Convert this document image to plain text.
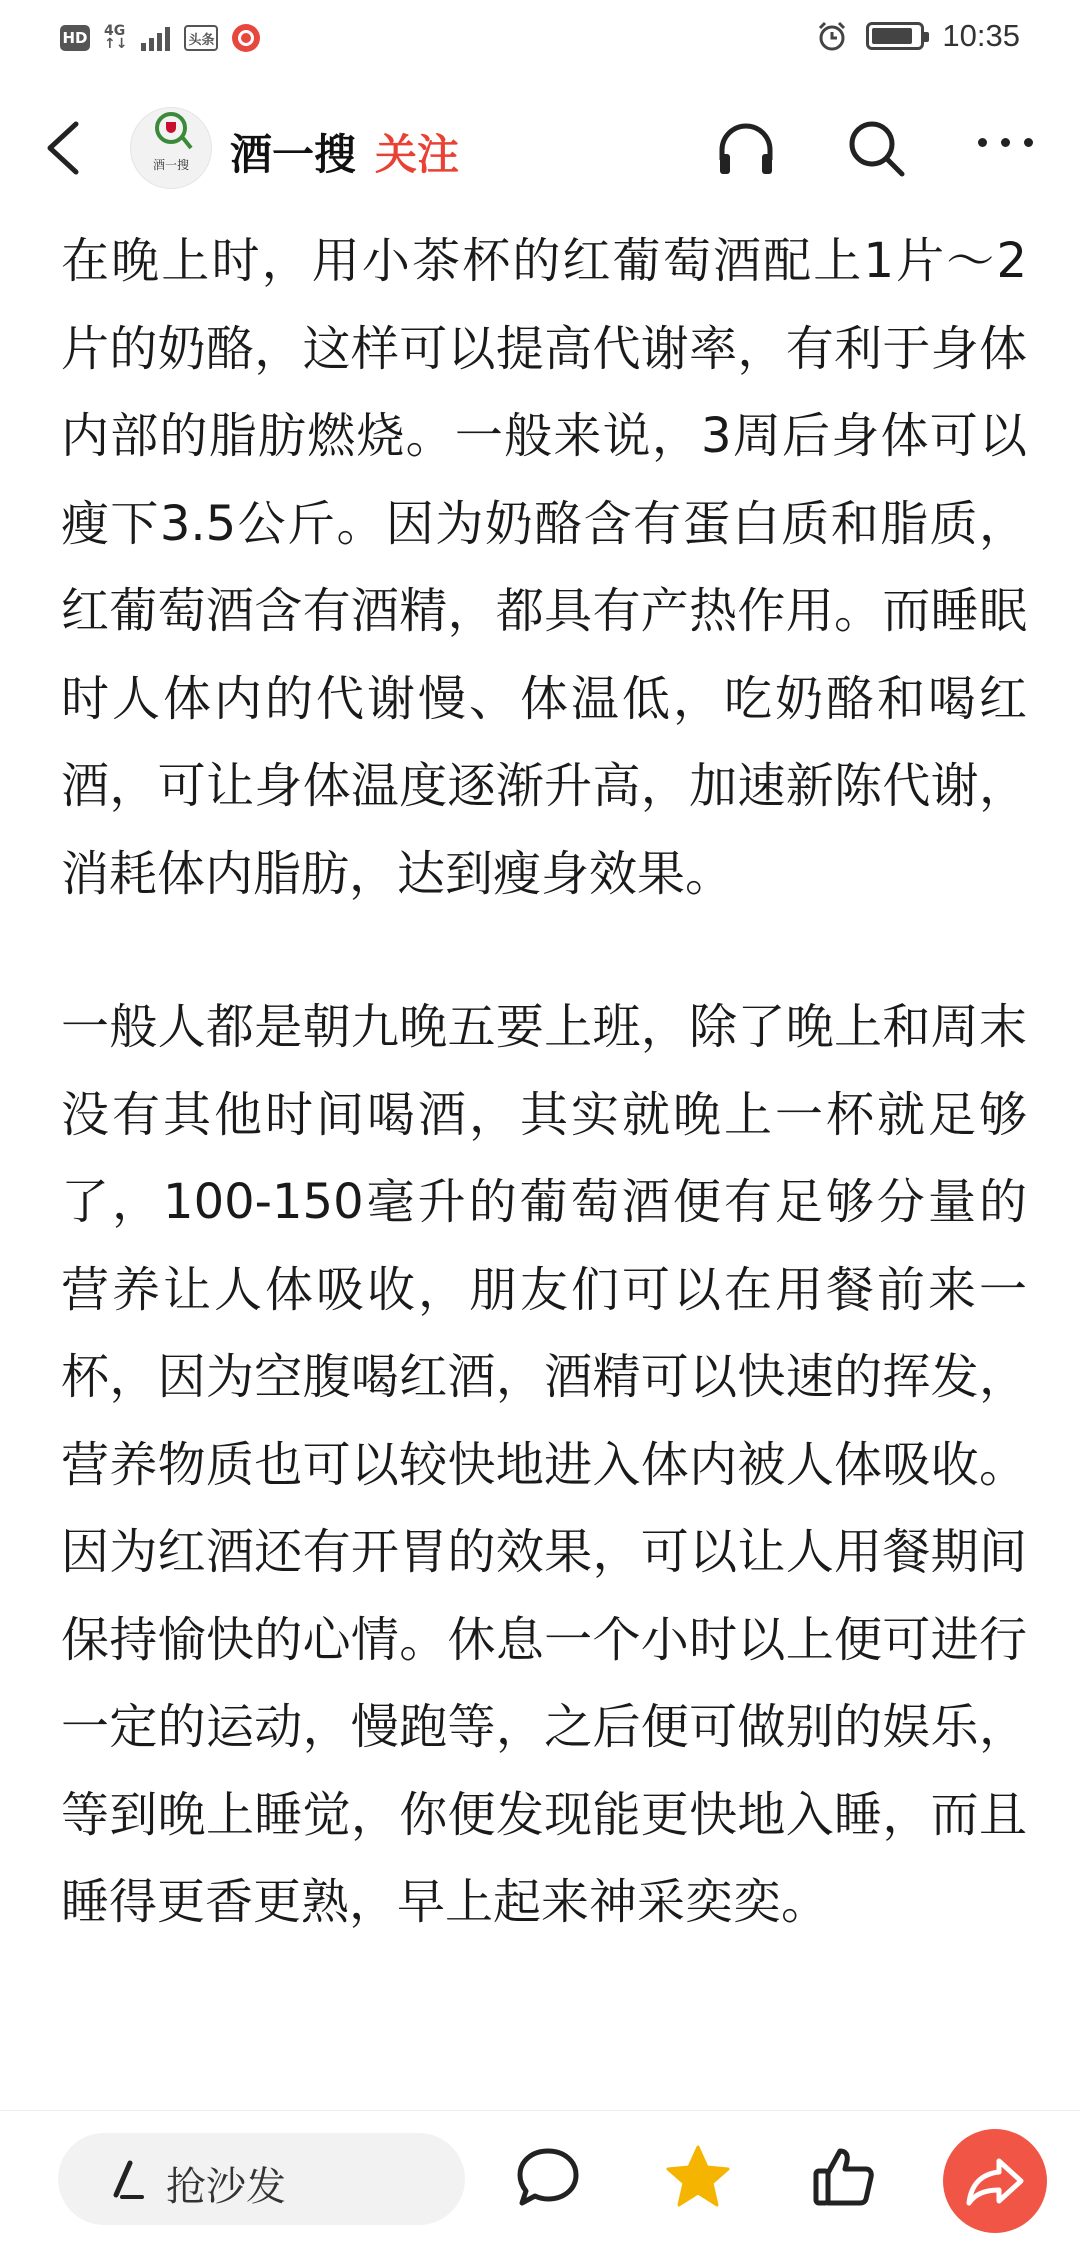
HD 4G
↑↓	头条	10:35
酒一搜 酒一搜 关注

在晚上时，用小茶杯的红葡萄酒配上1片～2片的奶酪，这样可以提高代谢率，有利于身体内部的脂肪燃烧。一般来说，3周后身体可以瘦下3.5公斤。因为奶酪含有蛋白质和脂质，红葡萄酒含有酒精，都具有产热作用。而睡眠时人体内的代谢慢、体温低，吃奶酪和喝红酒，可让身体温度逐渐升高，加速新陈代谢，消耗体内脂肪，达到瘦身效果。

一般人都是朝九晚五要上班，除了晚上和周末没有其他时间喝酒，其实就晚上一杯就足够了，100-150毫升的葡萄酒便有足够分量的营养让人体吸收，朋友们可以在用餐前来一杯，因为空腹喝红酒，酒精可以快速的挥发，营养物质也可以较快地进入体内被人体吸收。因为红酒还有开胃的效果，可以让人用餐期间保持愉快的心情。休息一个小时以上便可进行一定的运动，慢跑等，之后便可做别的娱乐，等到晚上睡觉，你便发现能更快地入睡，而且睡得更香更熟，早上起来神采奕奕。

抢沙发
